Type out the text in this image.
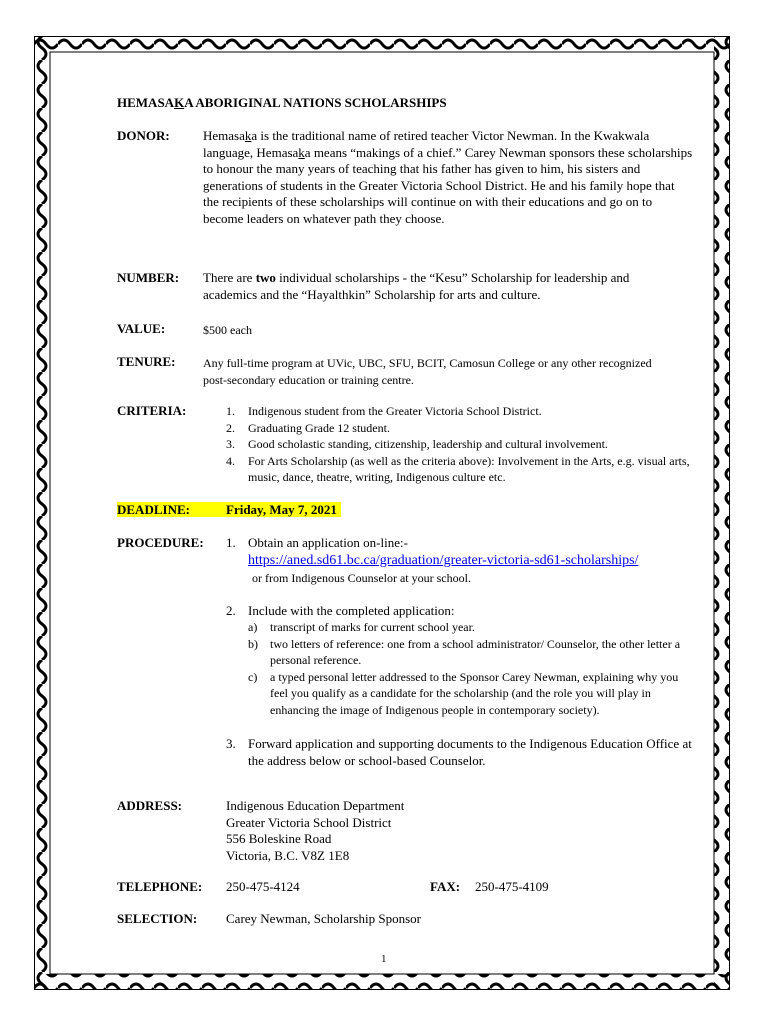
HEMASAKA ABORIGINAL NATIONS SCHOLARSHIPS
DONOR:	Hemasaka is the traditional name of retired teacher Victor Newman. In the Kwakwala language, Hemasaka means “makings of a chief.” Carey Newman sponsors these scholarships to honour the many years of teaching that his father has given to him, his sisters and generations of students in the Greater Victoria School District. He and his family hope that the recipients of these scholarships will continue on with their educations and go on to become leaders on whatever path they choose.

NUMBER: There are two individual scholarships - the “Kesu” Scholarship for leadership and academics and the “Hayalthkin” Scholarship for arts and culture.

VALUE:	$500 each
TENURE: Any full-time program at UVic, UBC, SFU, BCIT, Camosun College or any other recognized post-secondary education or training centre.
CRITERIA:	1. Indigenous student from the Greater Victoria School District.
2. Graduating Grade 12 student.
3. Good scholastic standing, citizenship, leadership and cultural involvement.
4. For Arts Scholarship (as well as the criteria above): Involvement in the Arts, e.g. visual arts, music, dance, theatre, writing, Indigenous culture etc.
DEADLINE:	Friday, May 7, 2021
PROCEDURE: 1. Obtain an application on-line:-
https://aned.sd61.bc.ca/graduation/greater-victoria-sd61-scholarships/
or from Indigenous Counselor at your school.
2. Include with the completed application:
a) transcript of marks for current school year.
b) two letters of reference: one from a school administrator/ Counselor, the other letter a personal reference.
c) a typed personal letter addressed to the Sponsor Carey Newman, explaining why you feel you qualify as a candidate for the scholarship (and the role you will play in enhancing the image of Indigenous people in contemporary society).
3. Forward application and supporting documents to the Indigenous Education Office at the address below or school-based Counselor.
ADDRESS:	Indigenous Education Department
Greater Victoria School District
556 Boleskine Road
Victoria, B.C. V8Z 1E8
TELEPHONE: 250-475-4124	FAX: 250-475-4109
SELECTION: Carey Newman, Scholarship Sponsor
1
